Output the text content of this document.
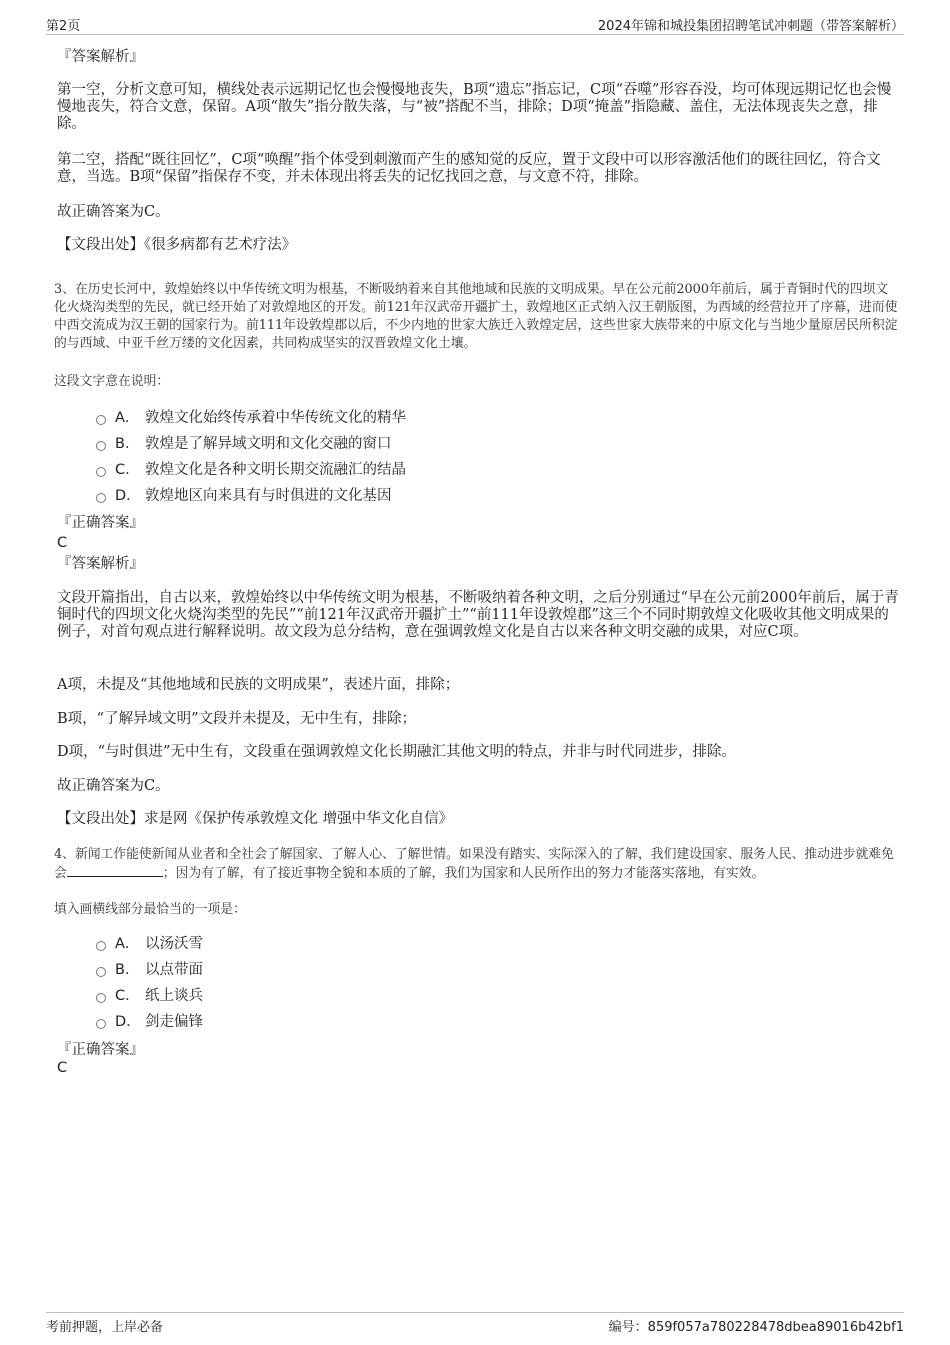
第2页	2024年锦和城投集团招聘笔试冲刺题（带答案解析）

『答案解析』

第一空，分析文意可知，横线处表示远期记忆也会慢慢地丧失，B项“遗忘”指忘记，C项“吞噬”形容吞没，均可体现远期记忆也会慢慢地丧失，符合文意，保留。A项“散失”指分散失落，与“被”搭配不当，排除；D项“掩盖”指隐藏、盖住，无法体现丧失之意，排除。

第二空，搭配“既往回忆”，C项“唤醒”指个体受到刺激而产生的感知觉的反应，置于文段中可以形容激活他们的既往回忆，符合文意，当选。B项“保留”指保存不变，并未体现出将丢失的记忆找回之意，与文意不符，排除。

故正确答案为C。

【文段出处】《很多病都有艺术疗法》

3、在历史长河中，敦煌始终以中华传统文明为根基，不断吸纳着来自其他地域和民族的文明成果。早在公元前2000年前后，属于青铜时代的四坝文化火烧沟类型的先民，就已经开始了对敦煌地区的开发。前121年汉武帝开疆扩土，敦煌地区正式纳入汉王朝版图，为西域的经营拉开了序幕，进而使中西交流成为汉王朝的国家行为。前111年设敦煌郡以后，不少内地的世家大族迁入敦煌定居，这些世家大族带来的中原文化与当地少量原居民所积淀的与西域、中亚千丝万缕的文化因素，共同构成坚实的汉晋敦煌文化土壤。

这段文字意在说明：

A． 敦煌文化始终传承着中华传统文化的精华
B． 敦煌是了解异域文明和文化交融的窗口
C． 敦煌文化是各种文明长期交流融汇的结晶
D． 敦煌地区向来具有与时俱进的文化基因

『正确答案』

C

『答案解析』

文段开篇指出，自古以来，敦煌始终以中华传统文明为根基，不断吸纳着各种文明，之后分别通过“早在公元前2000年前后，属于青铜时代的四坝文化火烧沟类型的先民”“前121年汉武帝开疆扩土”“前111年设敦煌郡”这三个不同时期敦煌文化吸收其他文明成果的例子，对首句观点进行解释说明。故文段为总分结构，意在强调敦煌文化是自古以来各种文明交融的成果，对应C项。

A项，未提及“其他地域和民族的文明成果”，表述片面，排除；

B项，“了解异域文明”文段并未提及，无中生有，排除；

D项，“与时俱进”无中生有，文段重在强调敦煌文化长期融汇其他文明的特点，并非与时代同进步，排除。

故正确答案为C。

【文段出处】求是网《保护传承敦煌文化 增强中华文化自信》

4、新闻工作能使新闻从业者和全社会了解国家、了解人心、了解世情。如果没有踏实、实际深入的了解，我们建设国家、服务人民、推动进步就难免会	；因为有了解，有了接近事物全貌和本质的了解，我们为国家和人民所作出的努力才能落实落地，有实效。

填入画横线部分最恰当的一项是：

A． 以汤沃雪
B． 以点带面
C． 纸上谈兵
D． 剑走偏锋

『正确答案』

C

考前押题，上岸必备	编号：859f057a780228478dbea89016b42bf1
